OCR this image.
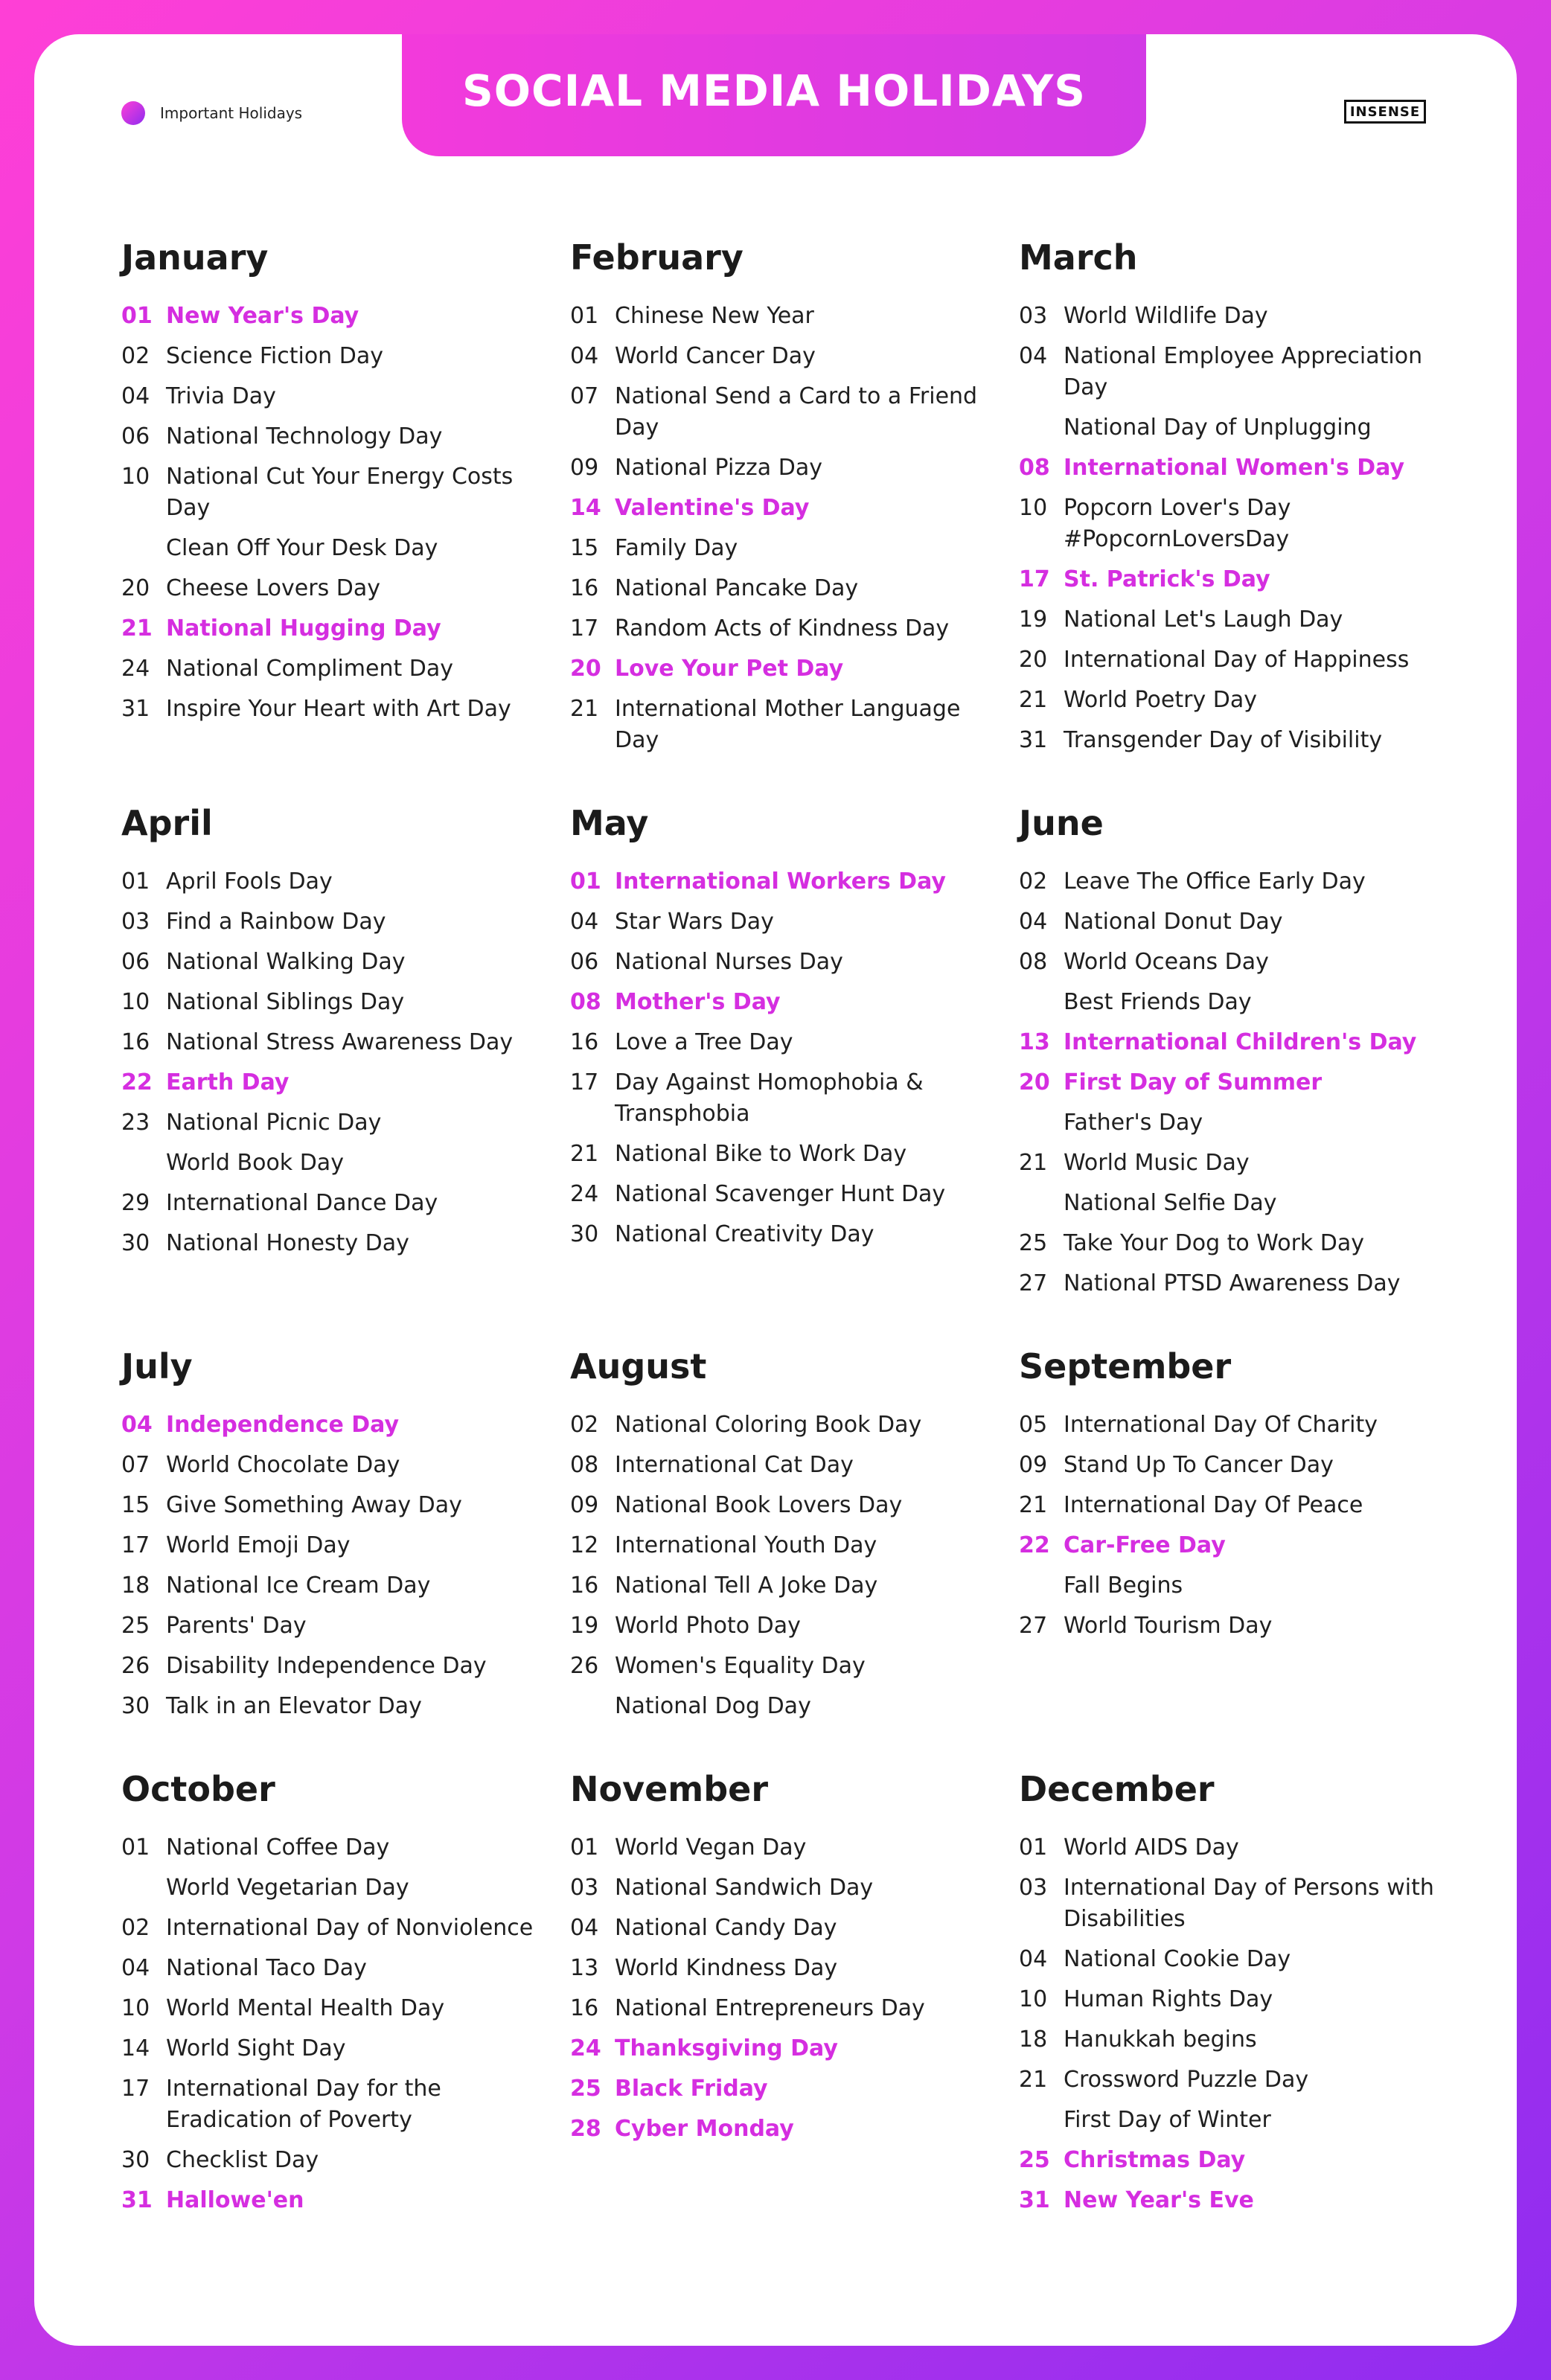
SOCIAL MEDIA HOLIDAYS
Important Holidays	INSENSE
January
01 New Year's Day
02 Science Fiction Day
04 Trivia Day
06 National Technology Day
10 National Cut Your Energy Costs Day
Clean Off Your Desk Day
20 Cheese Lovers Day
21 National Hugging Day
24 National Compliment Day
31 Inspire Your Heart with Art Day
February
01 Chinese New Year
04 World Cancer Day
07 National Send a Card to a Friend Day
09 National Pizza Day
14 Valentine's Day
15 Family Day
16 National Pancake Day
17 Random Acts of Kindness Day
20 Love Your Pet Day
21 International Mother Language Day
March
03 World Wildlife Day
04 National Employee Appreciation Day
National Day of Unplugging
08 International Women's Day
10 Popcorn Lover's Day #PopcornLoversDay
17 St. Patrick's Day
19 National Let's Laugh Day
20 International Day of Happiness
21 World Poetry Day
31 Transgender Day of Visibility
April
01 April Fools Day
03 Find a Rainbow Day
06 National Walking Day
10 National Siblings Day
16 National Stress Awareness Day
22 Earth Day
23 National Picnic Day
World Book Day
29 International Dance Day
30 National Honesty Day
May
01 International Workers Day
04 Star Wars Day
06 National Nurses Day
08 Mother's Day
16 Love a Tree Day
17 Day Against Homophobia & Transphobia
21 National Bike to Work Day
24 National Scavenger Hunt Day
30 National Creativity Day
June
02 Leave The Office Early Day
04 National Donut Day
08 World Oceans Day
Best Friends Day
13 International Children's Day
20 First Day of Summer
Father's Day
21 World Music Day
National Selfie Day
25 Take Your Dog to Work Day
27 National PTSD Awareness Day
July
04 Independence Day
07 World Chocolate Day
15 Give Something Away Day
17 World Emoji Day
18 National Ice Cream Day
25 Parents' Day
26 Disability Independence Day
30 Talk in an Elevator Day
August
02 National Coloring Book Day
08 International Cat Day
09 National Book Lovers Day
12 International Youth Day
16 National Tell A Joke Day
19 World Photo Day
26 Women's Equality Day
National Dog Day
September
05 International Day Of Charity
09 Stand Up To Cancer Day
21 International Day Of Peace
22 Car-Free Day
Fall Begins
27 World Tourism Day
October
01 National Coffee Day
World Vegetarian Day
02 International Day of Nonviolence
04 National Taco Day
10 World Mental Health Day
14 World Sight Day
17 International Day for the Eradication of Poverty
30 Checklist Day
31 Hallowe'en
November
01 World Vegan Day
03 National Sandwich Day
04 National Candy Day
13 World Kindness Day
16 National Entrepreneurs Day
24 Thanksgiving Day
25 Black Friday
28 Cyber Monday
December
01 World AIDS Day
03 International Day of Persons with Disabilities
04 National Cookie Day
10 Human Rights Day
18 Hanukkah begins
21 Crossword Puzzle Day
First Day of Winter
25 Christmas Day
31 New Year's Eve
